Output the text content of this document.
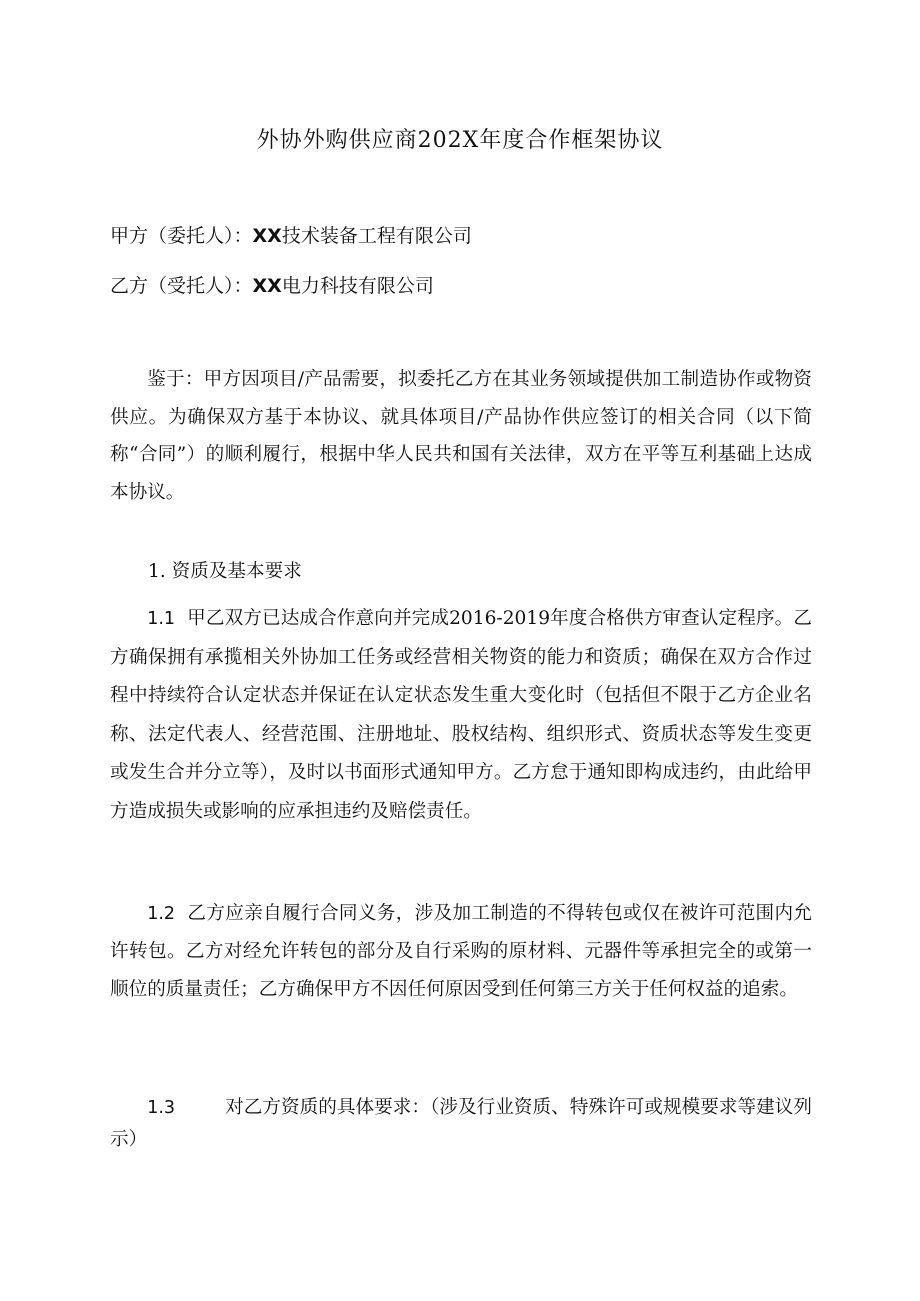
外协外购供应商202X年度合作框架协议
甲方（委托人）：XX技术装备工程有限公司
乙方（受托人）：XX电力科技有限公司

鉴于：甲方因项目/产品需要，拟委托乙方在其业务领域提供加工制造协作或物资供应。为确保双方基于本协议、就具体项目/产品协作供应签订的相关合同（以下简称“合同”）的顺利履行，根据中华人民共和国有关法律，双方在平等互利基础上达成本协议。

1. 资质及基本要求

1.1 甲乙双方已达成合作意向并完成2016-2019年度合格供方审查认定程序。乙方确保拥有承揽相关外协加工任务或经营相关物资的能力和资质；确保在双方合作过程中持续符合认定状态并保证在认定状态发生重大变化时（包括但不限于乙方企业名称、法定代表人、经营范围、注册地址、股权结构、组织形式、资质状态等发生变更或发生合并分立等），及时以书面形式通知甲方。乙方怠于通知即构成违约，由此给甲方造成损失或影响的应承担违约及赔偿责任。

1.2 乙方应亲自履行合同义务，涉及加工制造的不得转包或仅在被许可范围内允许转包。乙方对经允许转包的部分及自行采购的原材料、元器件等承担完全的或第一顺位的质量责任；乙方确保甲方不因任何原因受到任何第三方关于任何权益的追索。

1.3	对乙方资质的具体要求：（涉及行业资质、特殊许可或规模要求等建议列示）
